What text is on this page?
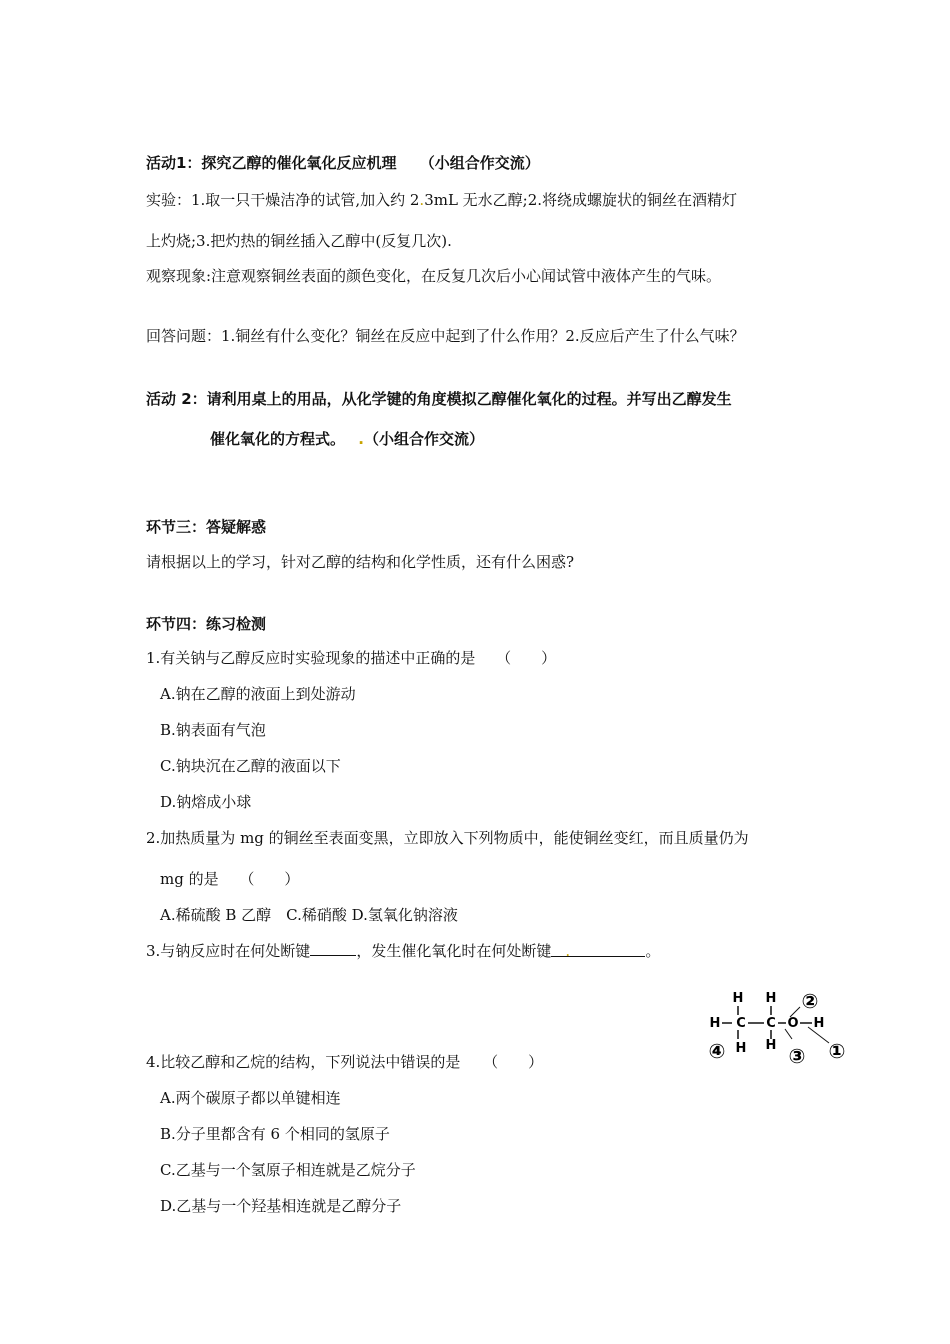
活动1：探究乙醇的催化氧化反应机理 （小组合作交流）
实验：1.取一只干燥洁净的试管,加入约 2.3mL 无水乙醇;2.将绕成螺旋状的铜丝在酒精灯
上灼烧;3.把灼热的铜丝插入乙醇中(反复几次).
观察现象:注意观察铜丝表面的颜色变化，在反复几次后小心闻试管中液体产生的气味。
回答问题：1.铜丝有什么变化？铜丝在反应中起到了什么作用？2.反应后产生了什么气味？
活动 2：请利用桌上的用品，从化学键的角度模拟乙醇催化氧化的过程。并写出乙醇发生
催化氧化的方程式。 .（小组合作交流）
环节三：答疑解惑
请根据以上的学习，针对乙醇的结构和化学性质，还有什么困惑?
环节四：练习检测
1.有关钠与乙醇反应时实验现象的描述中正确的是 （　　）
A.钠在乙醇的液面上到处游动
B.钠表面有气泡
C.钠块沉在乙醇的液面以下
D.钠熔成小球
2.加热质量为 mg 的铜丝至表面变黑，立即放入下列物质中，能使铜丝变红，而且质量仍为
mg 的是 （　　）
A.稀硫酸 B 乙醇　C.稀硝酸 D.氢氧化钠溶液
3.与钠反应时在何处断键	，发生催化氧化时在何处断键 .	。
H H
H C C O H
H H
②
④	③ ①
4.比较乙醇和乙烷的结构，下列说法中错误的是 （　　）
A.两个碳原子都以单键相连
B.分子里都含有 6 个相同的氢原子
C.乙基与一个氢原子相连就是乙烷分子
D.乙基与一个羟基相连就是乙醇分子
